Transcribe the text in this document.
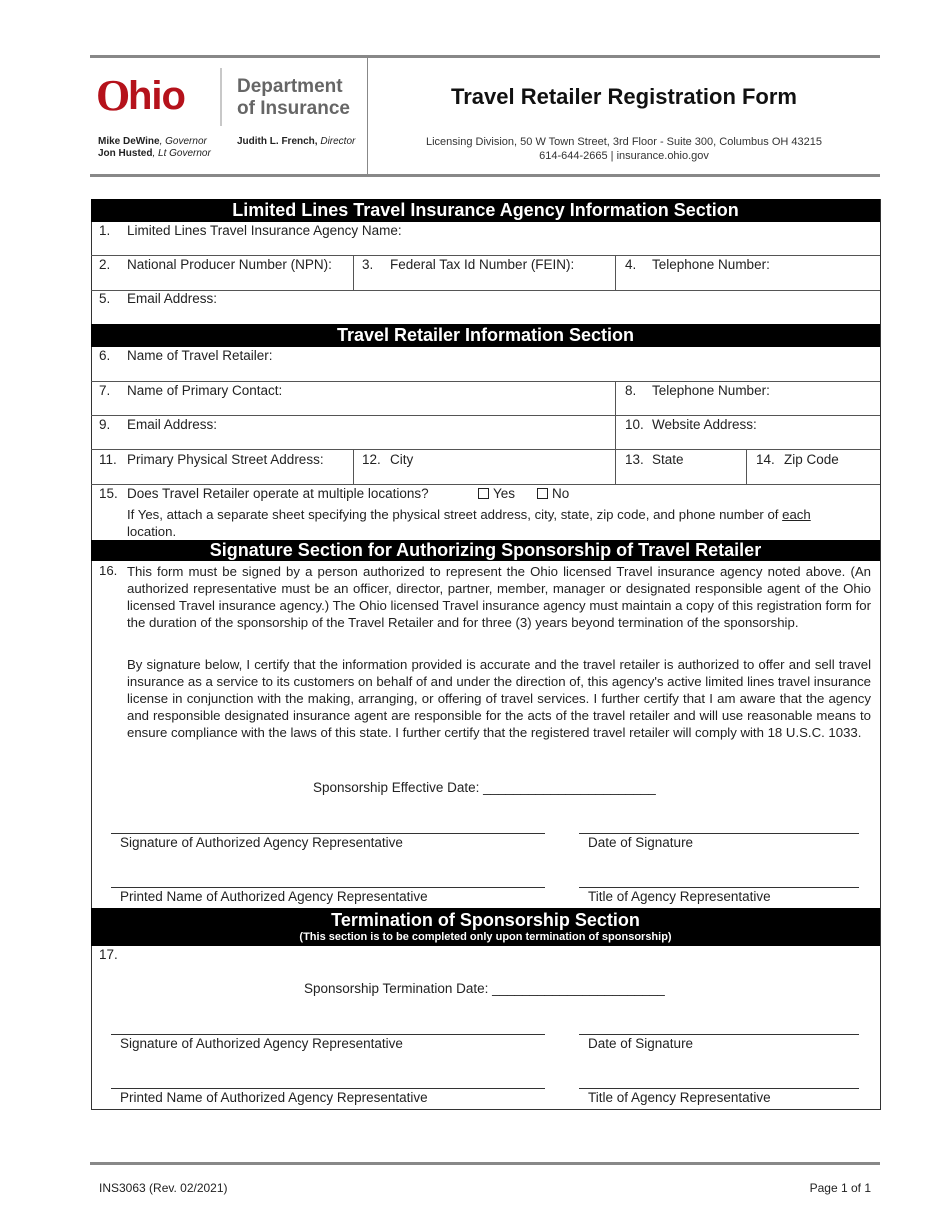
O
hio	Department
of Insurance
Mike DeWine, Governor
Jon Husted, Lt Governor
Judith L. French, Director
Travel Retailer Registration Form
Licensing Division, 50 W Town Street, 3rd Floor - Suite 300, Columbus OH 43215
614-644-2665 | insurance.ohio.gov
Limited Lines Travel Insurance Agency Information Section
1. Limited Lines Travel Insurance Agency Name:
2. National Producer Number (NPN): 3. Federal Tax Id Number (FEIN):	4. Telephone Number:
5. Email Address:
Travel Retailer Information Section
6. Name of Travel Retailer:
7. Name of Primary Contact:	8. Telephone Number:
9. Email Address:	10. Website Address:
11. Primary Physical Street Address:	12. City	13. State	14. Zip Code
15. Does Travel Retailer operate at multiple locations?	Yes	No
If Yes, attach a separate sheet specifying the physical street address, city, state, zip code, and phone number of each
location.
Signature Section for Authorizing Sponsorship of Travel Retailer
16. This form must be signed by a person authorized to represent the Ohio licensed Travel insurance agency noted above. (An authorized representative must be an officer, director, partner, member, manager or designated responsible agent of the Ohio licensed Travel insurance agency.) The Ohio licensed Travel insurance agency must maintain a copy of this registration form for the duration of the sponsorship of the Travel Retailer and for three (3) years beyond termination of the sponsorship.
By signature below, I certify that the information provided is accurate and the travel retailer is authorized to offer and sell travel insurance as a service to its customers on behalf of and under the direction of, this agency's active limited lines travel insurance license in conjunction with the making, arranging, or offering of travel services. I further certify that I am aware that the agency and responsible designated insurance agent are responsible for the acts of the travel retailer and will use reasonable means to ensure compliance with the laws of this state. I further certify that the registered travel retailer will comply with 18 U.S.C. 1033.
Sponsorship Effective Date: _______________________
Signature of Authorized Agency Representative	Date of Signature
Printed Name of Authorized Agency Representative	Title of Agency Representative
Termination of Sponsorship Section
(This section is to be completed only upon termination of sponsorship)
17.
Sponsorship Termination Date: _______________________
Signature of Authorized Agency Representative	Date of Signature
Printed Name of Authorized Agency Representative	Title of Agency Representative
INS3063 (Rev. 02/2021)	Page 1 of 1
